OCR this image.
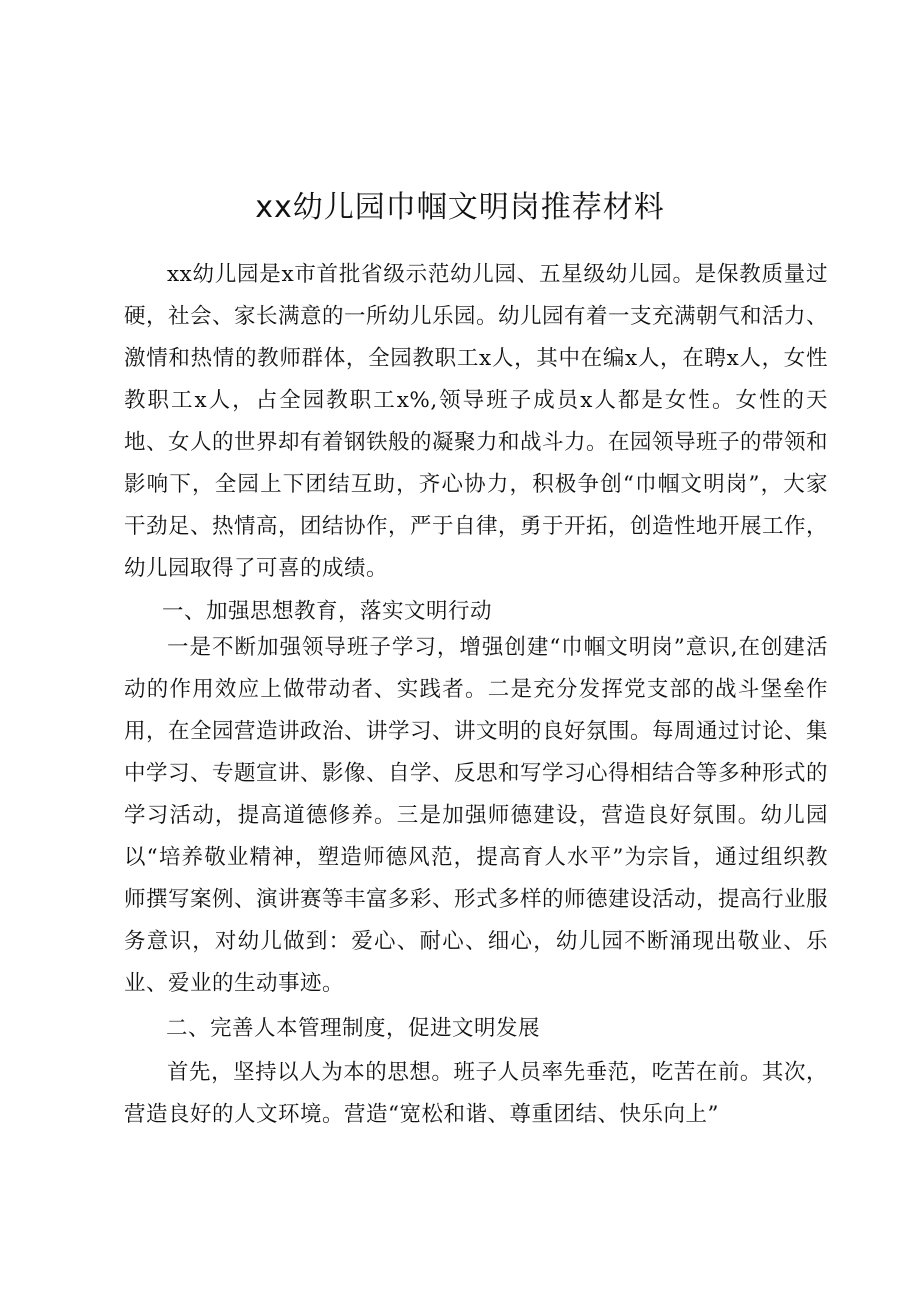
xx幼儿园巾帼文明岗推荐材料

xx幼儿园是x市首批省级示范幼儿园、五星级幼儿园。是保教质量过硬，社会、家长满意的一所幼儿乐园。幼儿园有着一支充满朝气和活力、激情和热情的教师群体，全园教职工x人，其中在编x人，在聘x人，女性教职工x人，占全园教职工x%,领导班子成员x人都是女性。女性的天地、女人的世界却有着钢铁般的凝聚力和战斗力。在园领导班子的带领和影响下，全园上下团结互助，齐心协力，积极争创“巾帼文明岗”，大家干劲足、热情高，团结协作，严于自律，勇于开拓，创造性地开展工作，幼儿园取得了可喜的成绩。

一、加强思想教育，落实文明行动

一是不断加强领导班子学习，增强创建“巾帼文明岗”意识,在创建活动的作用效应上做带动者、实践者。二是充分发挥党支部的战斗堡垒作用，在全园营造讲政治、讲学习、讲文明的良好氛围。每周通过讨论、集中学习、专题宣讲、影像、自学、反思和写学习心得相结合等多种形式的学习活动，提高道德修养。三是加强师德建设，营造良好氛围。幼儿园以“培养敬业精神，塑造师德风范，提高育人水平”为宗旨，通过组织教师撰写案例、演讲赛等丰富多彩、形式多样的师德建设活动，提高行业服务意识，对幼儿做到：爱心、耐心、细心，幼儿园不断涌现出敬业、乐业、爱业的生动事迹。

二、完善人本管理制度，促进文明发展

首先，坚持以人为本的思想。班子人员率先垂范，吃苦在前。其次，营造良好的人文环境。营造“宽松和谐、尊重团结、快乐向上”
